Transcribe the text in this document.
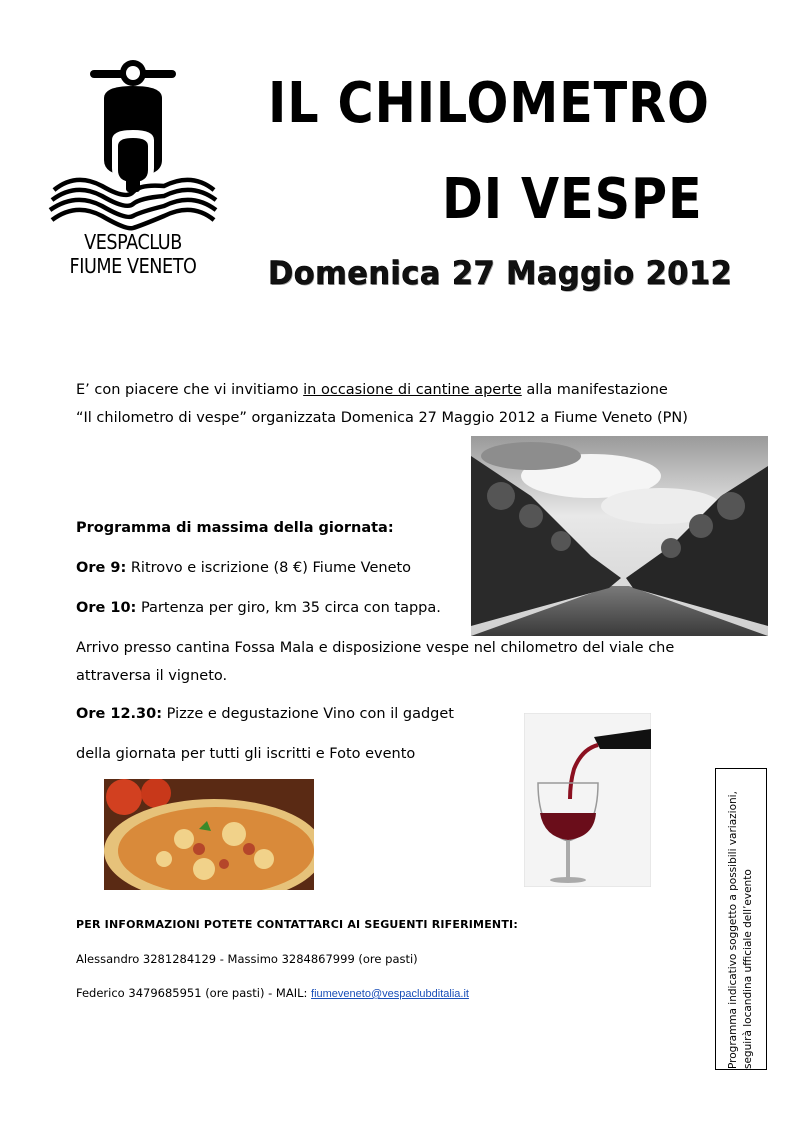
VESPACLUB
FIUME VENETO
IL CHILOMETRO
DI VESPE
Domenica 27 Maggio 2012
E’ con piacere che vi invitiamo in occasione di cantine aperte alla manifestazione
“Il chilometro di vespe” organizzata Domenica 27 Maggio 2012 a Fiume Veneto (PN)
Programma di massima della giornata:
Ore 9: Ritrovo e iscrizione (8 €) Fiume Veneto
Ore 10: Partenza per giro, km 35 circa con tappa.
Arrivo presso cantina Fossa Mala e disposizione vespe nel chilometro del viale che
attraversa il vigneto.
Ore 12.30: Pizze e degustazione Vino con il gadget
della giornata per tutti gli iscritti e Foto evento
PER INFORMAZIONI POTETE CONTATTARCI AI SEGUENTI RIFERIMENTI:
Alessandro 3281284129 - Massimo 3284867999 (ore pasti)
Federico 3479685951 (ore pasti) - MAIL: fiumeveneto@vespaclubditalia.it	Programma indicativo soggetto a possibili variazioni, seguirà locandina ufficiale dell’evento
